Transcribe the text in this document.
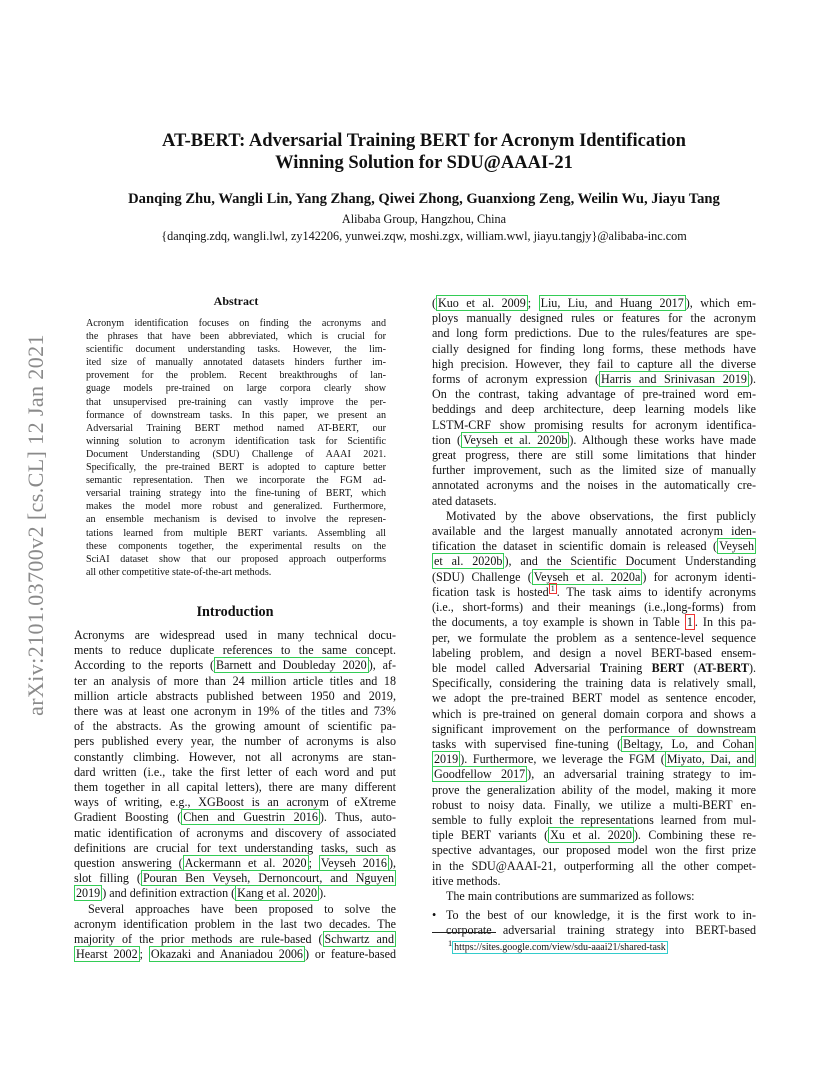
arXiv:2101.03700v2 [cs.CL] 12 Jan 2021
AT-BERT: Adversarial Training BERT for Acronym Identification
Winning Solution for SDU@AAAI-21
Danqing Zhu, Wangli Lin, Yang Zhang, Qiwei Zhong, Guanxiong Zeng, Weilin Wu, Jiayu Tang
Alibaba Group, Hangzhou, China
{danqing.zdq, wangli.lwl, zy142206, yunwei.zqw, moshi.zgx, william.wwl, jiayu.tangjy}@alibaba-inc.com
Abstract
Acronym identification focuses on finding the acronyms and
the phrases that have been abbreviated, which is crucial for
scientific document understanding tasks. However, the lim-
ited size of manually annotated datasets hinders further im-
provement for the problem. Recent breakthroughs of lan-
guage models pre-trained on large corpora clearly show
that unsupervised pre-training can vastly improve the per-
formance of downstream tasks. In this paper, we present an
Adversarial Training BERT method named AT-BERT, our
winning solution to acronym identification task for Scientific
Document Understanding (SDU) Challenge of AAAI 2021.
Specifically, the pre-trained BERT is adopted to capture better
semantic representation. Then we incorporate the FGM ad-
versarial training strategy into the fine-tuning of BERT, which
makes the model more robust and generalized. Furthermore,
an ensemble mechanism is devised to involve the represen-
tations learned from multiple BERT variants. Assembling all
these components together, the experimental results on the
SciAI dataset show that our proposed approach outperforms
all other competitive state-of-the-art methods.
Introduction
Acronyms are widespread used in many technical docu-
ments to reduce duplicate references to the same concept.
According to the reports ( Barnett and Doubleday 2020 ), af-
ter an analysis of more than 24 million article titles and 18
million article abstracts published between 1950 and 2019,
there was at least one acronym in 19% of the titles and 73%
of the abstracts. As the growing amount of scientific pa-
pers published every year, the number of acronyms is also
constantly climbing. However, not all acronyms are stan-
dard written (i.e., take the first letter of each word and put
them together in all capital letters), there are many different
ways of writing, e.g., XGBoost is an acronym of eXtreme
Gradient Boosting ( Chen and Guestrin 2016 ). Thus, auto-
matic identification of acronyms and discovery of associated
definitions are crucial for text understanding tasks, such as
question answering ( Ackermann et al. 2020 ; Veyseh 2016 ),
slot filling ( Pouran Ben Veyseh, Dernoncourt, and Nguyen
2019 ) and definition extraction ( Kang et al. 2020 ).
Several approaches have been proposed to solve the
acronym identification problem in the last two decades. The
majority of the prior methods are rule-based ( Schwartz and
Hearst 2002 ; Okazaki and Ananiadou 2006 ) or feature-based
( Kuo et al. 2009 ; Liu, Liu, and Huang 2017 ), which em-
ploys manually designed rules or features for the acronym
and long form predictions. Due to the rules/features are spe-
cially designed for finding long forms, these methods have
high precision. However, they fail to capture all the diverse
forms of acronym expression ( Harris and Srinivasan 2019 ).
On the contrast, taking advantage of pre-trained word em-
beddings and deep architecture, deep learning models like
LSTM-CRF show promising results for acronym identifica-
tion ( Veyseh et al. 2020b ). Although these works have made
great progress, there are still some limitations that hinder
further improvement, such as the limited size of manually
annotated acronyms and the noises in the automatically cre-
ated datasets.
Motivated by the above observations, the first publicly
available and the largest manually annotated acronym iden-
tification the dataset in scientific domain is released ( Veyseh
et al. 2020b ), and the Scientific Document Understanding
(SDU) Challenge ( Veyseh et al. 2020a ) for acronym identi-
fication task is hosted $^1$ . The task aims to identify acronyms
(i.e., short-forms) and their meanings (i.e.,long-forms) from
the documents, a toy example is shown in Table 1 . In this pa-
per, we formulate the problem as a sentence-level sequence
labeling problem, and design a novel BERT-based ensem-
ble model called Adversarial Training BERT (AT-BERT).
Specifically, considering the training data is relatively small,
we adopt the pre-trained BERT model as sentence encoder,
which is pre-trained on general domain corpora and shows a
significant improvement on the performance of downstream
tasks with supervised fine-tuning ( Beltagy, Lo, and Cohan
2019 ). Furthermore, we leverage the FGM ( Miyato, Dai, and
Goodfellow 2017 ), an adversarial training strategy to im-
prove the generalization ability of the model, making it more
robust to noisy data. Finally, we utilize a multi-BERT en-
semble to fully exploit the representations learned from mul-
tiple BERT variants ( Xu et al. 2020 ). Combining these re-
spective advantages, our proposed model won the first prize
in the SDU@AAAI-21, outperforming all the other compet-
itive methods.
The main contributions are summarized as follows:
• To the best of our knowledge, it is the first work to in-
corporate adversarial training strategy into BERT-based
$^1$ https://sites.google.com/view/sdu-aaai21/shared-task
